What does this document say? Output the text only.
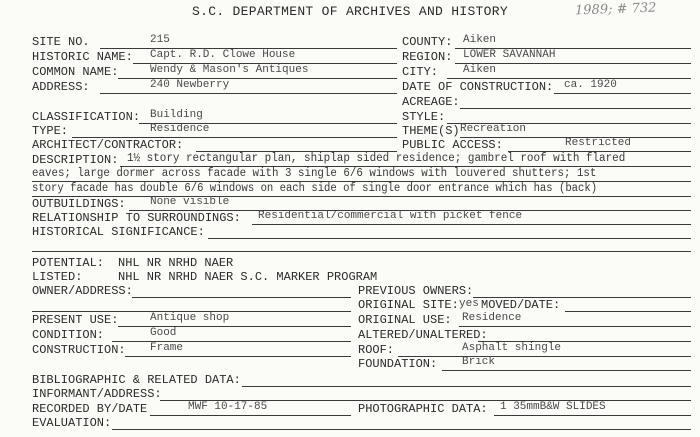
S.C. DEPARTMENT OF ARCHIVES AND HISTORY	1989; # 732
SITE NO.	215	COUNTY: Aiken
HISTORIC NAME: Capt. R.D. Clowe House	REGION: LOWER SAVANNAH
COMMON NAME:	Wendy & Mason's Antiques	CITY: Aiken
ADDRESS:	240 Newberry	DATE OF CONSTRUCTION: ca. 1920
ACREAGE:
CLASSIFICATION: Building	STYLE:
TYPE:	Residence	THEME(S) Recreation
ARCHITECT/CONTRACTOR:	PUBLIC ACCESS:	Restricted
DESCRIPTION: 1½ story rectangular plan, shiplap sided residence; gambrel roof with flared
eaves; large dormer across facade with 3 single 6/6 windows with louvered shutters; 1st
story facade has double 6/6 windows on each side of single door entrance which has (back)
OUTBUILDINGS: None visible
RELATIONSHIP TO SURROUNDINGS: Residential/commercial with picket fence
HISTORICAL SIGNIFICANCE:
POTENTIAL: NHL NR NRHD NAER
LISTED:	NHL NR NRHD NAER S.C. MARKER PROGRAM
OWNER/ADDRESS:	PREVIOUS OWNERS:
ORIGINAL SITE: yes MOVED/DATE:
PRESENT USE:	Antique shop	ORIGINAL USE: Residence
CONDITION:	Good	ALTERED/UNALTERED:
CONSTRUCTION: Frame	ROOF:	Asphalt shingle
FOUNDATION: Brick
BIBLIOGRAPHIC & RELATED DATA:
INFORMANT/ADDRESS:
RECORDED BY/DATE	MWF 10-17-85	PHOTOGRAPHIC DATA: 1 35mmB&W SLIDES
EVALUATION:
